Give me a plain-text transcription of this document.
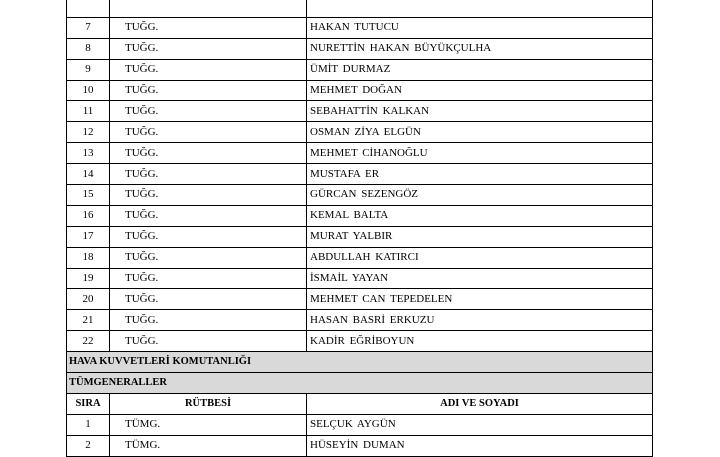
7	TUĞG.	HAKAN TUTUCU
8	TUĞG.	NURETTİN HAKAN BÜYÜKÇULHA
9	TUĞG.	ÜMİT DURMAZ
10	TUĞG.	MEHMET DOĞAN
11	TUĞG.	SEBAHATTİN KALKAN
12	TUĞG.	OSMAN ZİYA ELGÜN
13	TUĞG.	MEHMET CİHANOĞLU
14	TUĞG.	MUSTAFA ER
15	TUĞG.	GÜRCAN SEZENGÖZ
16	TUĞG.	KEMAL BALTA
17	TUĞG.	MURAT YALBIR
18	TUĞG.	ABDULLAH KATIRCI
19	TUĞG.	İSMAİL YAYAN
20	TUĞG.	MEHMET CAN TEPEDELEN
21	TUĞG.	HASAN BASRİ ERKUZU
22	TUĞG.	KADİR EĞRİBOYUN
HAVA KUVVETLERİ KOMUTANLIĞI		
TÜMGENERALLER		
SIRA	RÜTBESİ	ADI VE SOYADI
1	TÜMG.	SELÇUK AYGÜN
2	TÜMG.	HÜSEYİN DUMAN
